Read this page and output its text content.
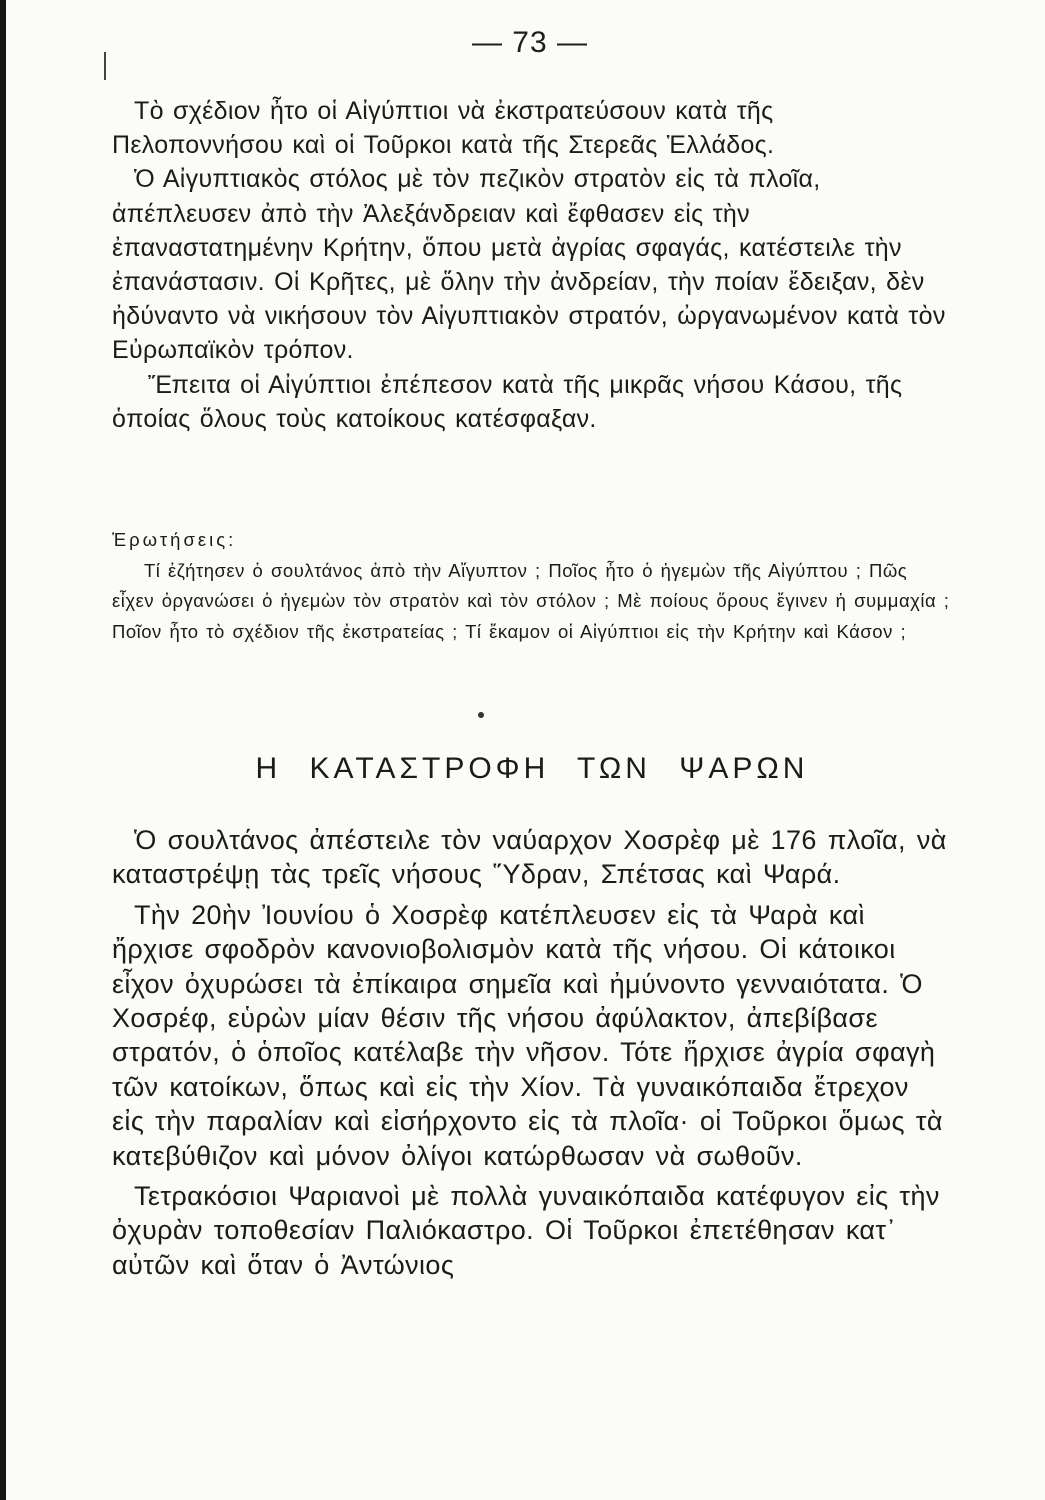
— 73 —

Τὸ σχέδιον ἦτο οἱ Αἰγύπτιοι νὰ ἐκστρατεύσουν κατὰ τῆς Πελοποννήσου καὶ οἱ Τοῦρκοι κατὰ τῆς Στερεᾶς Ἑλλάδος.

Ὁ Αἰγυπτιακὸς στόλος μὲ τὸν πεζικὸν στρατὸν εἰς τὰ πλοῖα, ἀπέπλευσεν ἀπὸ τὴν Ἀλεξάνδρειαν καὶ ἔφθασεν εἰς τὴν ἐπαναστατημένην Κρήτην, ὅπου μετὰ ἀγρίας σφαγάς, κατέστειλε τὴν ἐπανάστασιν. Οἱ Κρῆτες, μὲ ὅλην τὴν ἀνδρείαν, τὴν ποίαν ἔδειξαν, δὲν ἠδύναντο νὰ νικήσουν τὸν Αἰγυπτιακὸν στρατόν, ὠργανωμένον κατὰ τὸν Εὐρωπαϊκὸν τρόπον.

Ἔπειτα οἱ Αἰγύπτιοι ἐπέπεσον κατὰ τῆς μικρᾶς νήσου Κάσου, τῆς ὁποίας ὅλους τοὺς κατοίκους κατέσφαξαν.

Ἐρωτήσεις:
Τί ἐζήτησεν ὁ σουλτάνος ἀπὸ τὴν Αἴγυπτον ; Ποῖος ἦτο ὁ ἡγεμὼν τῆς Αἰγύπτου ; Πῶς εἶχεν ὀργανώσει ὁ ἡγεμὼν τὸν στρατὸν καὶ τὸν στόλον ; Μὲ ποίους ὅρους ἔγινεν ἡ συμμαχία ; Ποῖον ἦτο τὸ σχέδιον τῆς ἐκστρατείας ; Τί ἔκαμον οἱ Αἰγύπτιοι εἰς τὴν Κρήτην καὶ Κάσον ;
Η ΚΑΤΑΣΤΡΟΦΗ ΤΩΝ ΨΑΡΩΝ

Ὁ σουλτάνος ἀπέστειλε τὸν ναύαρχον Χοσρὲφ μὲ 176 πλοῖα, νὰ καταστρέψῃ τὰς τρεῖς νήσους Ὕδραν, Σπέτσας καὶ Ψαρά.

Τὴν 20ὴν Ἰουνίου ὁ Χοσρὲφ κατέπλευσεν εἰς τὰ Ψαρὰ καὶ ἤρχισε σφοδρὸν κανονιοβολισμὸν κατὰ τῆς νήσου. Οἱ κάτοικοι εἶχον ὀχυρώσει τὰ ἐπίκαιρα σημεῖα καὶ ἠμύνοντο γενναιότατα. Ὁ Χοσρέφ, εὑρὼν μίαν θέσιν τῆς νήσου ἀφύλακτον, ἀπεβίβασε στρατόν, ὁ ὁποῖος κατέλαβε τὴν νῆσον. Τότε ἤρχισε ἀγρία σφαγὴ τῶν κατοίκων, ὅπως καὶ εἰς τὴν Χίον. Τὰ γυναικόπαιδα ἔτρεχον εἰς τὴν παραλίαν καὶ εἰσήρχοντο εἰς τὰ πλοῖα· οἱ Τοῦρκοι ὅμως τὰ κατεβύθιζον καὶ μόνον ὀλίγοι κατώρθωσαν νὰ σωθοῦν.

Τετρακόσιοι Ψαριανοὶ μὲ πολλὰ γυναικόπαιδα κατέφυγον εἰς τὴν ὀχυρὰν τοποθεσίαν Παλιόκαστρο. Οἱ Τοῦρκοι ἐπετέθησαν κατ᾽ αὐτῶν καὶ ὅταν ὁ Ἀντώνιος
